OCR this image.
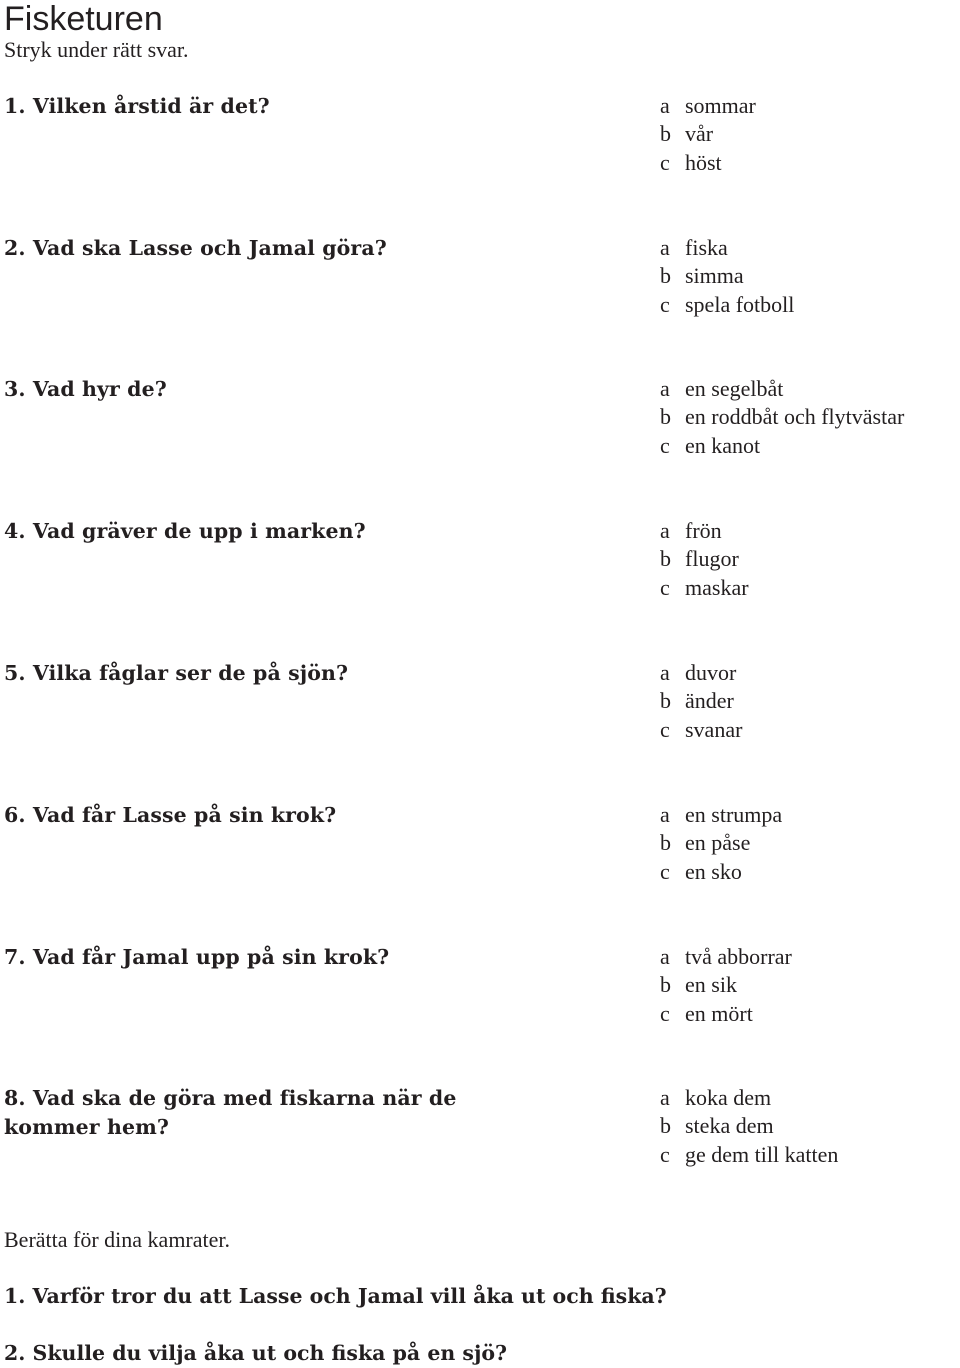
Fisketuren
Stryk under rätt svar.

1. Vilken årstid är det?	a sommar
b vår
c höst

2. Vad ska Lasse och Jamal göra?	a fiska
b simma
c spela fotboll

3. Vad hyr de?	a en segelbåt
b en roddbåt och flytvästar
c en kanot

4. Vad gräver de upp i marken?	a frön
b flugor
c maskar

5. Vilka fåglar ser de på sjön?	a duvor
b änder
c svanar

6. Vad får Lasse på sin krok?	a en strumpa
b en påse
c en sko

7. Vad får Jamal upp på sin krok?	a två abborrar
b en sik
c en mört

8. Vad ska de göra med fiskarna när de kommer hem?

a koka dem
b steka dem
c ge dem till katten
Berätta för dina kamrater.

1. Varför tror du att Lasse och Jamal vill åka ut och fiska?

2. Skulle du vilja åka ut och fiska på en sjö?
